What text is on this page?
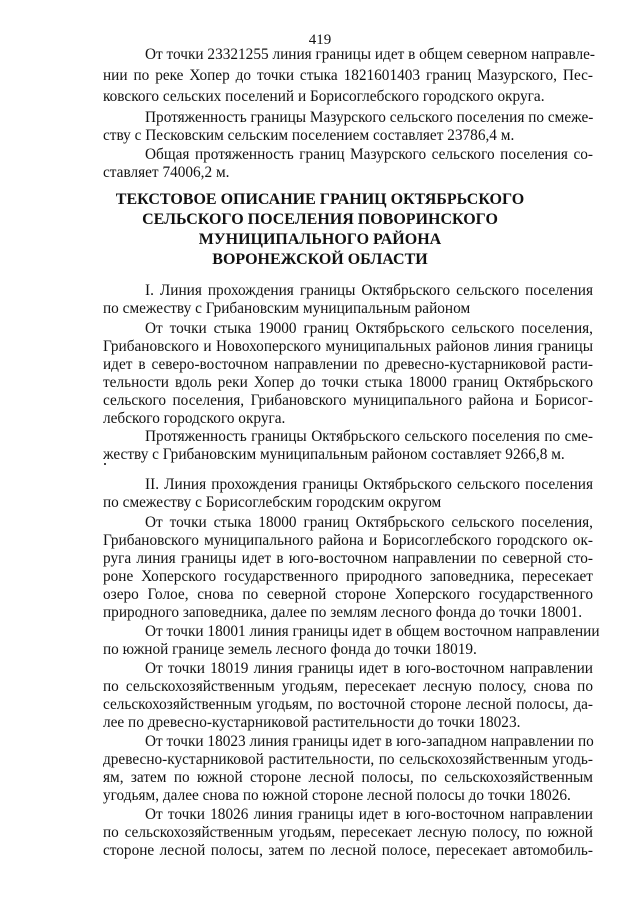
419
От точки 23321255 линия границы идет в общем северном направле-
нии по реке Хопер до точки стыка 1821601403 границ Мазурского, Пес-
ковского сельских поселений и Борисоглебского городского округа.
Протяженность границы Мазурского сельского поселения по смеже-
ству с Песковским сельским поселением составляет 23786,4 м.
Общая протяженность границ Мазурского сельского поселения со-
ставляет 74006,2 м.
ТЕКСТОВОЕ ОПИСАНИЕ ГРАНИЦ ОКТЯБРЬСКОГО
СЕЛЬСКОГО ПОСЕЛЕНИЯ ПОВОРИНСКОГО
МУНИЦИПАЛЬНОГО РАЙОНА
ВОРОНЕЖСКОЙ ОБЛАСТИ
I. Линия прохождения границы Октябрьского сельского поселения
по смежеству с Грибановским муниципальным районом
От точки стыка 19000 границ Октябрьского сельского поселения,
Грибановского и Новохоперского муниципальных районов линия границы
идет в северо-восточном направлении по древесно-кустарниковой расти-
тельности вдоль реки Хопер до точки стыка 18000 границ Октябрьского
сельского поселения, Грибановского муниципального района и Борисог-
лебского городского округа.
Протяженность границы Октябрьского сельского поселения по сме-
жеству с Грибановским муниципальным районом составляет 9266,8 м.
II. Линия прохождения границы Октябрьского сельского поселения
по смежеству с Борисоглебским городским округом
От точки стыка 18000 границ Октябрьского сельского поселения,
Грибановского муниципального района и Борисоглебского городского ок-
руга линия границы идет в юго-восточном направлении по северной сто-
роне Хоперского государственного природного заповедника, пересекает
озеро Голое, снова по северной стороне Хоперского государственного
природного заповедника, далее по землям лесного фонда до точки 18001.
От точки 18001 линия границы идет в общем восточном направлении
по южной границе земель лесного фонда до точки 18019.
От точки 18019 линия границы идет в юго-восточном направлении
по сельскохозяйственным угодьям, пересекает лесную полосу, снова по
сельскохозяйственным угодьям, по восточной стороне лесной полосы, да-
лее по древесно-кустарниковой растительности до точки 18023.
От точки 18023 линия границы идет в юго-западном направлении по
древесно-кустарниковой растительности, по сельскохозяйственным угодь-
ям, затем по южной стороне лесной полосы, по сельскохозяйственным
угодьям, далее снова по южной стороне лесной полосы до точки 18026.
От точки 18026 линия границы идет в юго-восточном направлении
по сельскохозяйственным угодьям, пересекает лесную полосу, по южной
стороне лесной полосы, затем по лесной полосе, пересекает автомобиль-
